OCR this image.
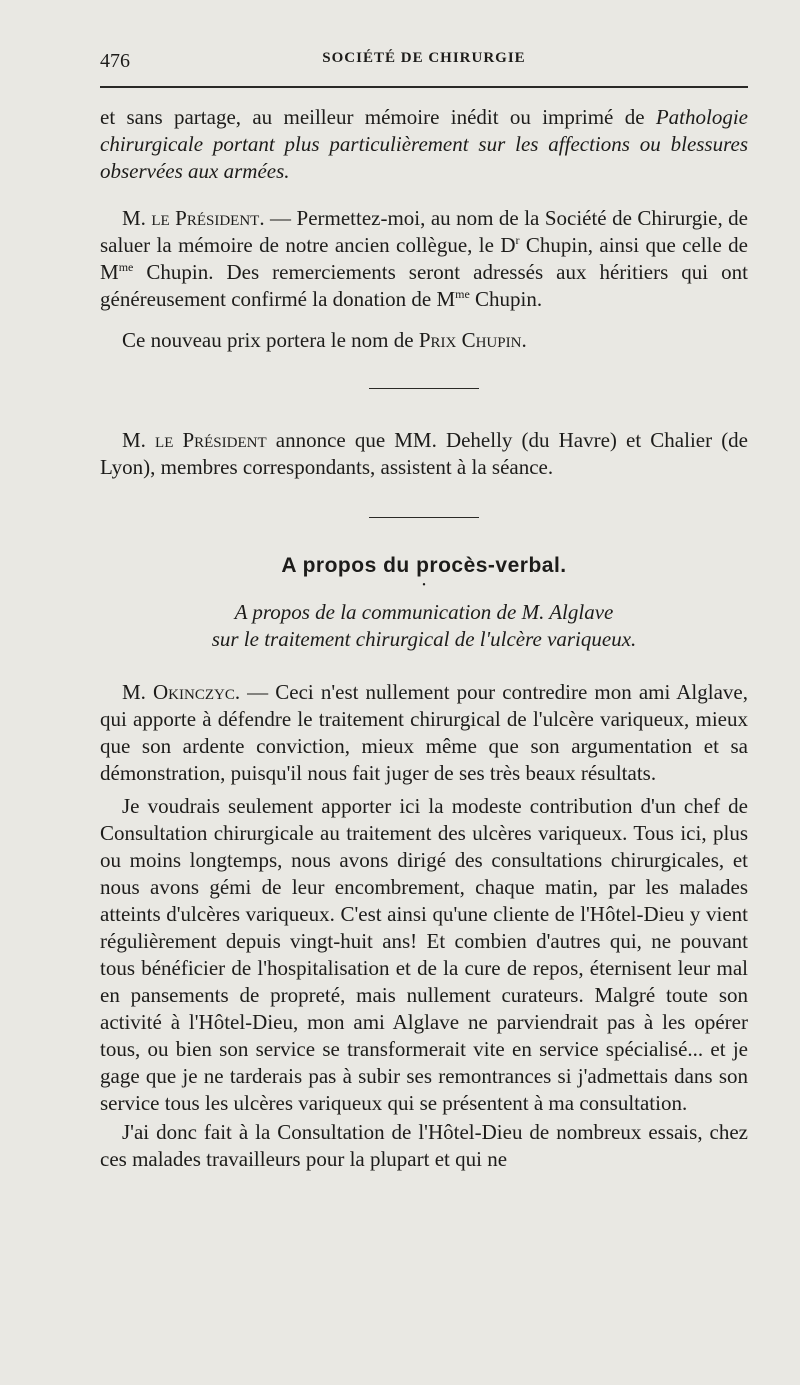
476	SOCIÉTÉ DE CHIRURGIE

et sans partage, au meilleur mémoire inédit ou imprimé de Pathologie chirurgicale portant plus particulièrement sur les affections ou blessures observées aux armées.

M. le Président. — Permettez-moi, au nom de la Société de Chirurgie, de saluer la mémoire de notre ancien collègue, le $D^r$ Chupin, ainsi que celle de $M^{me}$ Chupin. Des remerciements seront adressés aux héritiers qui ont généreusement confirmé la donation de $M^{me}$ Chupin.

Ce nouveau prix portera le nom de Prix Chupin.

M. le Président annonce que MM. Dehelly (du Havre) et Chalier (de Lyon), membres correspondants, assistent à la séance.

A propos du procès-verbal.
•

A propos de la communication de M. Alglave

sur le traitement chirurgical de l'ulcère variqueux.

M. Okinczyc. — Ceci n'est nullement pour contredire mon ami Alglave, qui apporte à défendre le traitement chirurgical de l'ulcère variqueux, mieux que son ardente conviction, mieux même que son argumentation et sa démonstration, puisqu'il nous fait juger de ses très beaux résultats.

Je voudrais seulement apporter ici la modeste contribution d'un chef de Consultation chirurgicale au traitement des ulcères variqueux. Tous ici, plus ou moins longtemps, nous avons dirigé des consultations chirurgicales, et nous avons gémi de leur encombrement, chaque matin, par les malades atteints d'ulcères variqueux. C'est ainsi qu'une cliente de l'Hôtel-Dieu y vient régulièrement depuis vingt-huit ans! Et combien d'autres qui, ne pouvant tous bénéficier de l'hospitalisation et de la cure de repos, éternisent leur mal en pansements de propreté, mais nullement curateurs. Malgré toute son activité à l'Hôtel-Dieu, mon ami Alglave ne parviendrait pas à les opérer tous, ou bien son service se transformerait vite en service spécialisé... et je gage que je ne tarderais pas à subir ses remontrances si j'admettais dans son service tous les ulcères variqueux qui se présentent à ma consultation.

J'ai donc fait à la Consultation de l'Hôtel-Dieu de nombreux essais, chez ces malades travailleurs pour la plupart et qui ne
